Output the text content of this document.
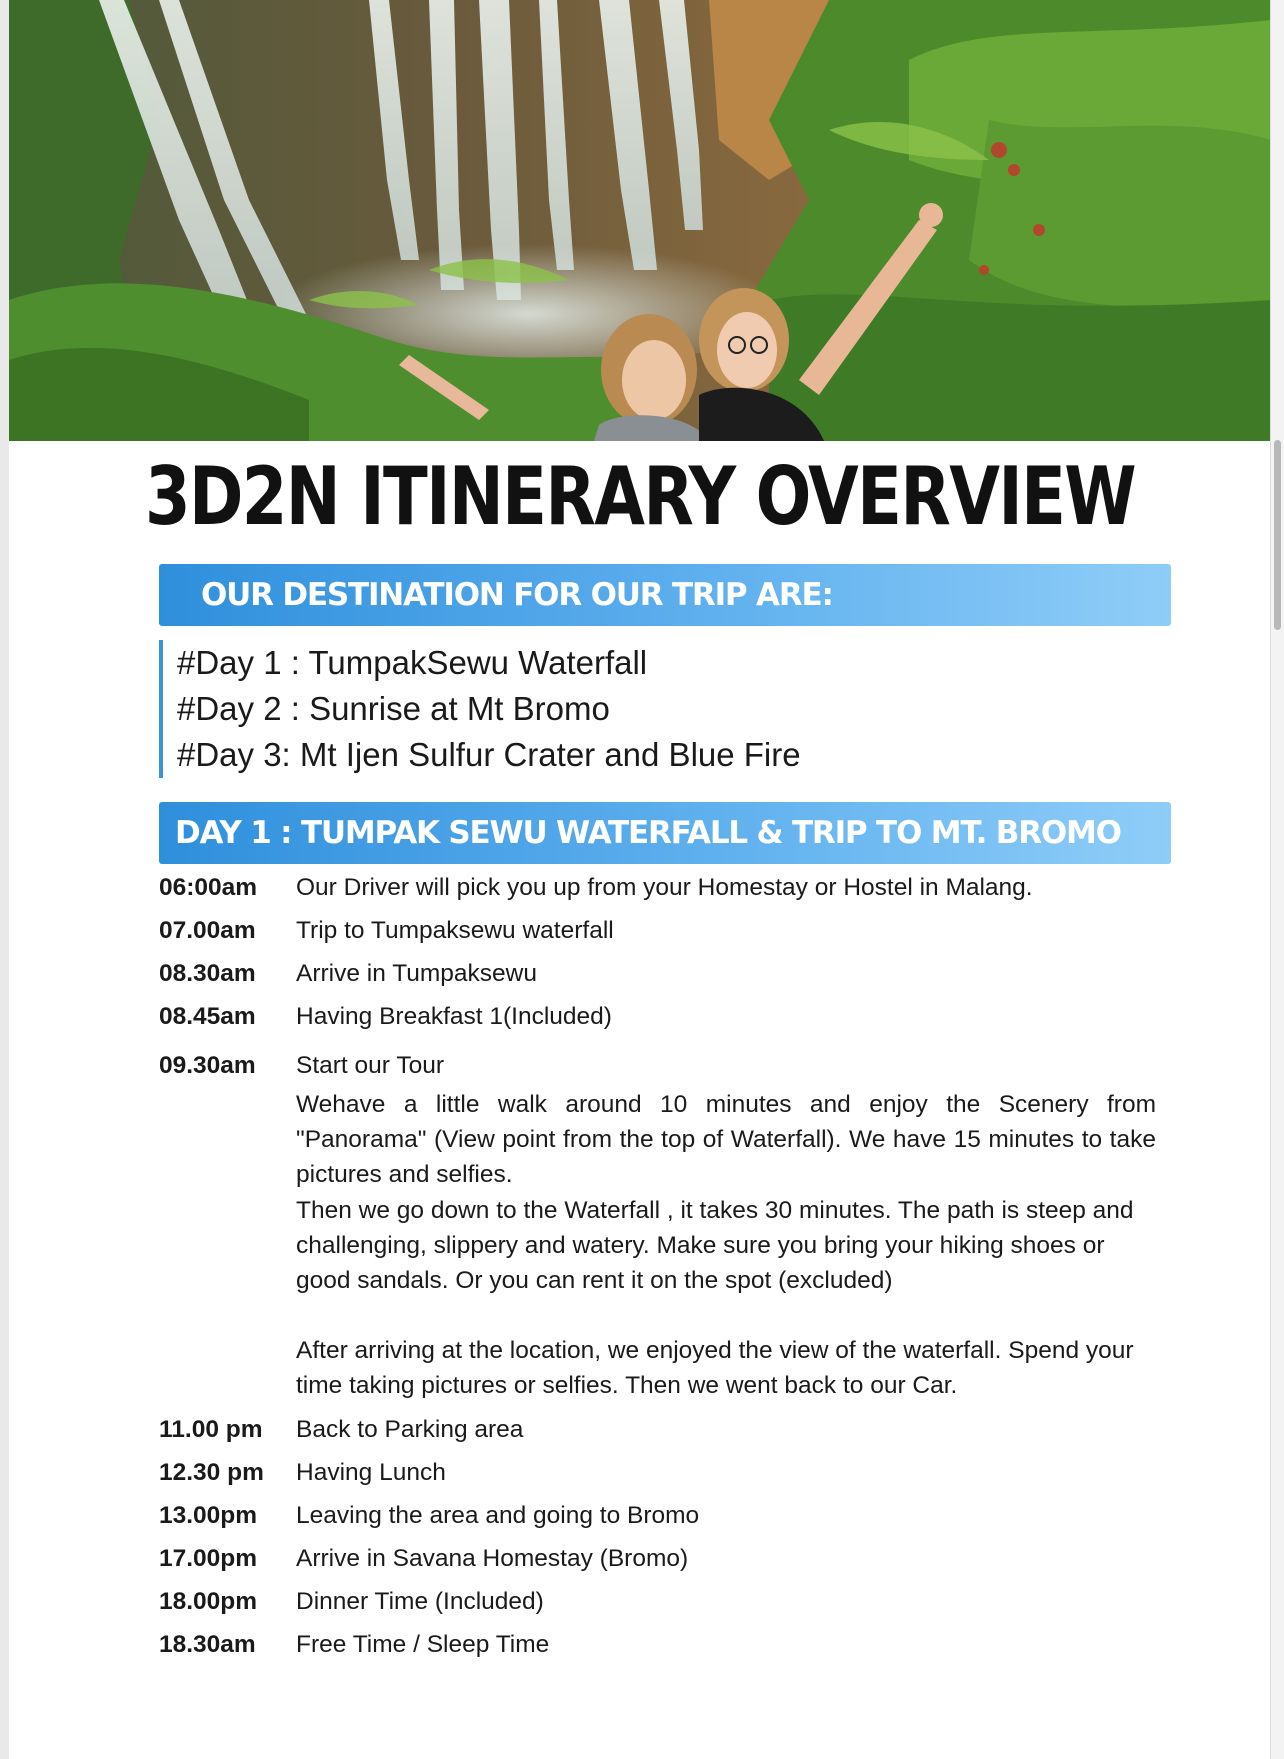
3D2N ITINERARY OVERVIEW
OUR DESTINATION FOR OUR TRIP ARE:
#Day 1 : TumpakSewu Waterfall
#Day 2 : Sunrise at Mt Bromo
#Day 3: Mt Ijen Sulfur Crater and Blue Fire
DAY 1 : TUMPAK SEWU WATERFALL & TRIP TO MT. BROMO
06:00am	Our Driver will pick you up from your Homestay or Hostel in Malang.
07.00am	Trip to Tumpaksewu waterfall
08.30am	Arrive in Tumpaksewu
08.45am	Having Breakfast 1(Included)
09.30am	Start our Tour

Wehave a little walk around 10 minutes and enjoy the Scenery from "Panorama" (View point from the top of Waterfall). We have 15 minutes to take pictures and selfies.

Then we go down to the Waterfall , it takes 30 minutes. The path is steep and challenging, slippery and watery. Make sure you bring your hiking shoes or good sandals. Or you can rent it on the spot (excluded)

After arriving at the location, we enjoyed the view of the waterfall. Spend your time taking pictures or selfies. Then we went back to our Car.

11.00 pm	Back to Parking area
12.30 pm	Having Lunch
13.00pm	Leaving the area and going to Bromo
17.00pm	Arrive in Savana Homestay (Bromo)
18.00pm	Dinner Time (Included)
18.30am	Free Time / Sleep Time
